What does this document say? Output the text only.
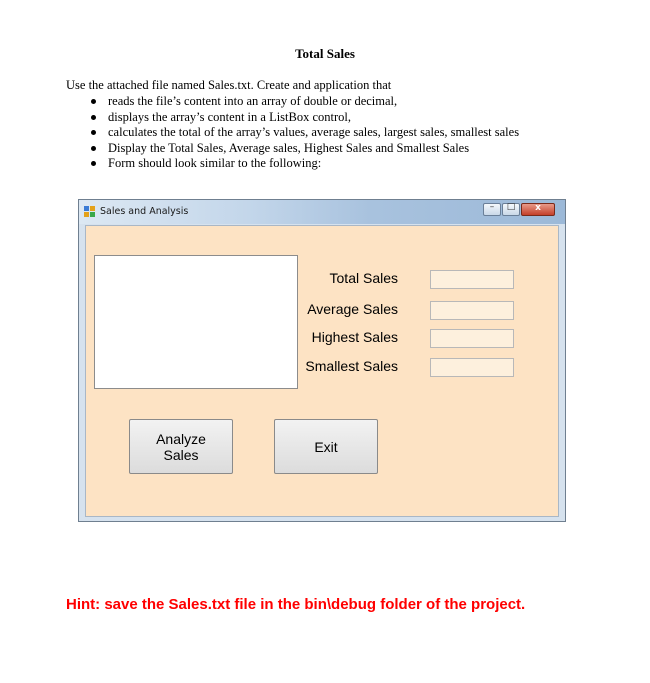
Total Sales
Use the attached file named Sales.txt. Create and application that
reads the file’s content into an array of double or decimal,
displays the array’s content in a ListBox control,
calculates the total of the array’s values, average sales, largest sales, smallest sales
Display the Total Sales, Average sales, Highest Sales and Smallest Sales
Form should look similar to the following:
Sales and Analysis	–	□	x
Total Sales
Average Sales
Highest Sales
Smallest Sales
Analyze Sales	Exit
Hint: save the Sales.txt file in the bin\debug folder of the project.
